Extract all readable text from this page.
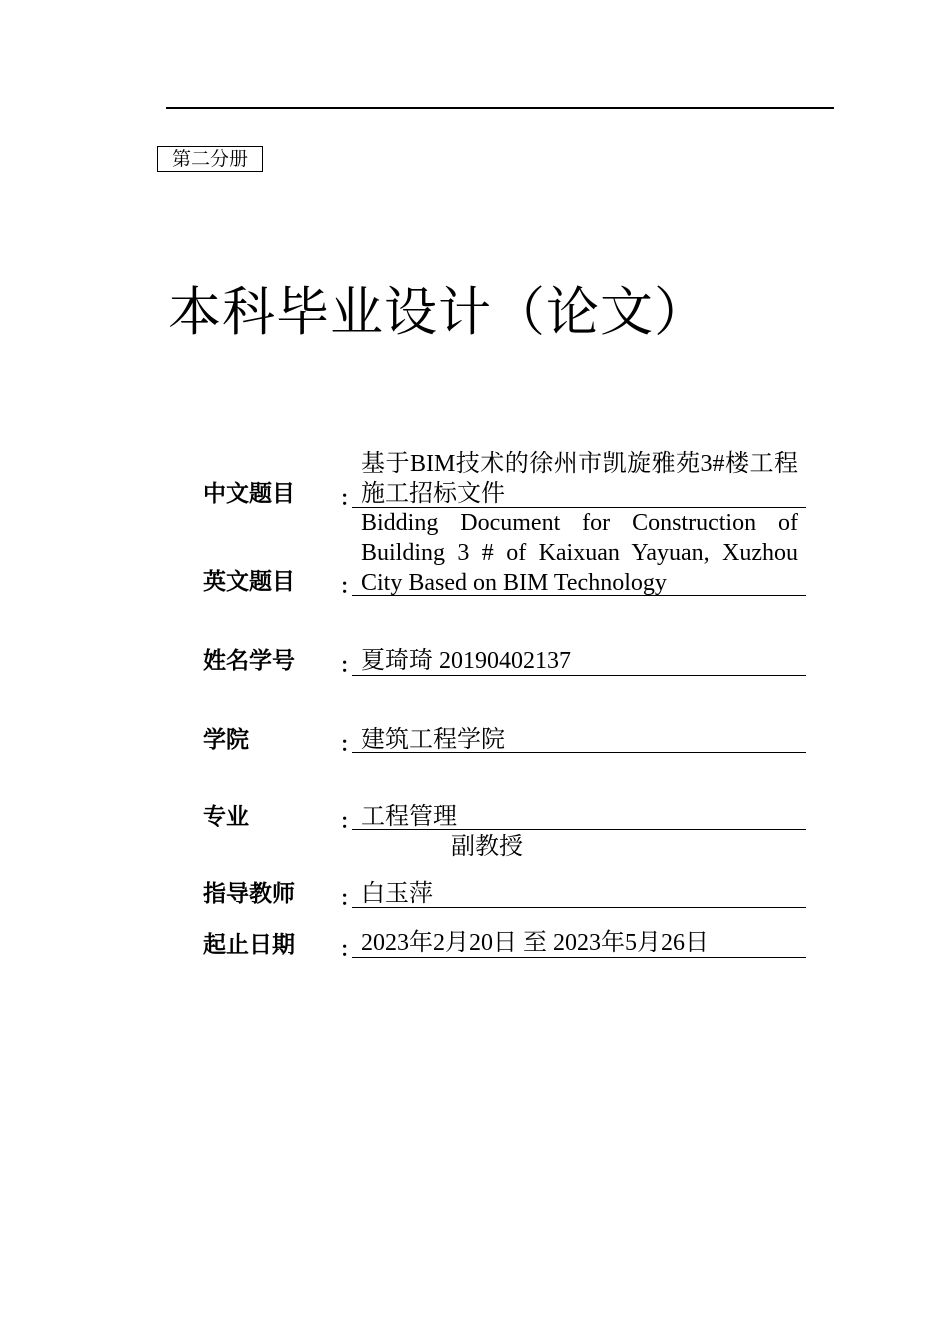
第二分册
本科毕业设计（论文）
中文题目 ：
基于BIM技术的徐州市凯旋雅苑3#楼工程施工招标文件
英文题目 ：
Bidding Document for Construction of Building 3 # of Kaixuan Yayuan, Xuzhou City Based on BIM Technology
姓名学号 ： 夏琦琦 20190402137
学院	： 建筑工程学院
专业	： 工程管理
副教授
指导教师 ： 白玉萍
起止日期 ： 2023年2月20日 至 2023年5月26日
